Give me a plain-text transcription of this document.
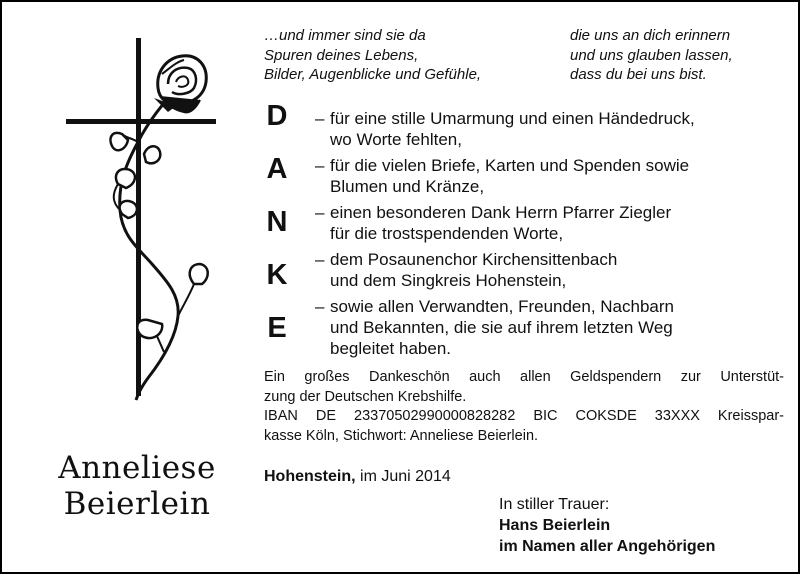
…und immer sind sie da
Spuren deines Lebens,
Bilder, Augenblicke und Gefühle,
die uns an dich erinnern
und uns glauben lassen,
dass du bei uns bist.
D
A
N
K
E
– für eine stille Umarmung und einen Händedruck,
wo Worte fehlten,
– für die vielen Briefe, Karten und Spenden sowie
Blumen und Kränze,
– einen besonderen Dank Herrn Pfarrer Ziegler
für die trostspendenden Worte,
– dem Posaunenchor Kirchensittenbach
und dem Singkreis Hohenstein,
– sowie allen Verwandten, Freunden, Nachbarn
und Bekannten, die sie auf ihrem letzten Weg
begleitet haben.
Ein großes Dankeschön auch allen Geldspendern zur Unterstüt-
zung der Deutschen Krebshilfe.
IBAN DE 23370502990000828282 BIC COKSDE 33XXX Kreisspar-
kasse Köln, Stichwort: Anneliese Beierlein.
Anneliese
Beierlein
Hohenstein, im Juni 2014
In stiller Trauer:
Hans Beierlein
im Namen aller Angehörigen
